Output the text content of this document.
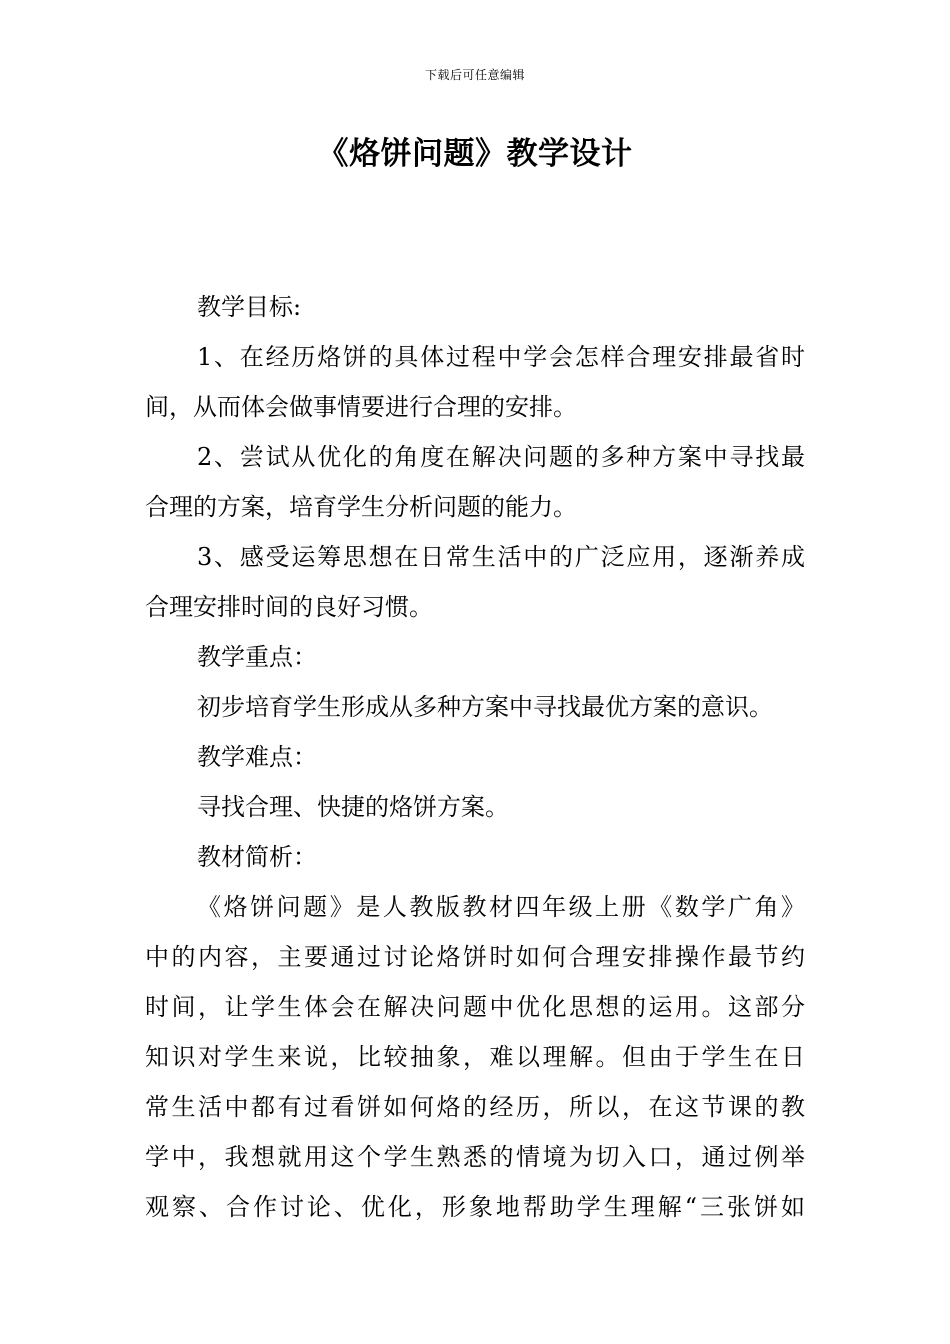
下载后可任意编辑
《烙饼问题》教学设计
教学目标:
1、在经历烙饼的具体过程中学会怎样合理安排最省时
间，从而体会做事情要进行合理的安排。
2、尝试从优化的角度在解决问题的多种方案中寻找最
合理的方案，培育学生分析问题的能力。
3、感受运筹思想在日常生活中的广泛应用，逐渐养成
合理安排时间的良好习惯。
教学重点：
初步培育学生形成从多种方案中寻找最优方案的意识。
教学难点：
寻找合理、快捷的烙饼方案。
教材简析：
《烙饼问题》是人教版教材四年级上册《数学广角》
中的内容，主要通过讨论烙饼时如何合理安排操作最节约
时间，让学生体会在解决问题中优化思想的运用。这部分
知识对学生来说，比较抽象，难以理解。但由于学生在日
常生活中都有过看饼如何烙的经历，所以，在这节课的教
学中，我想就用这个学生熟悉的情境为切入口，通过例举
观察、合作讨论、优化，形象地帮助学生理解“三张饼如
